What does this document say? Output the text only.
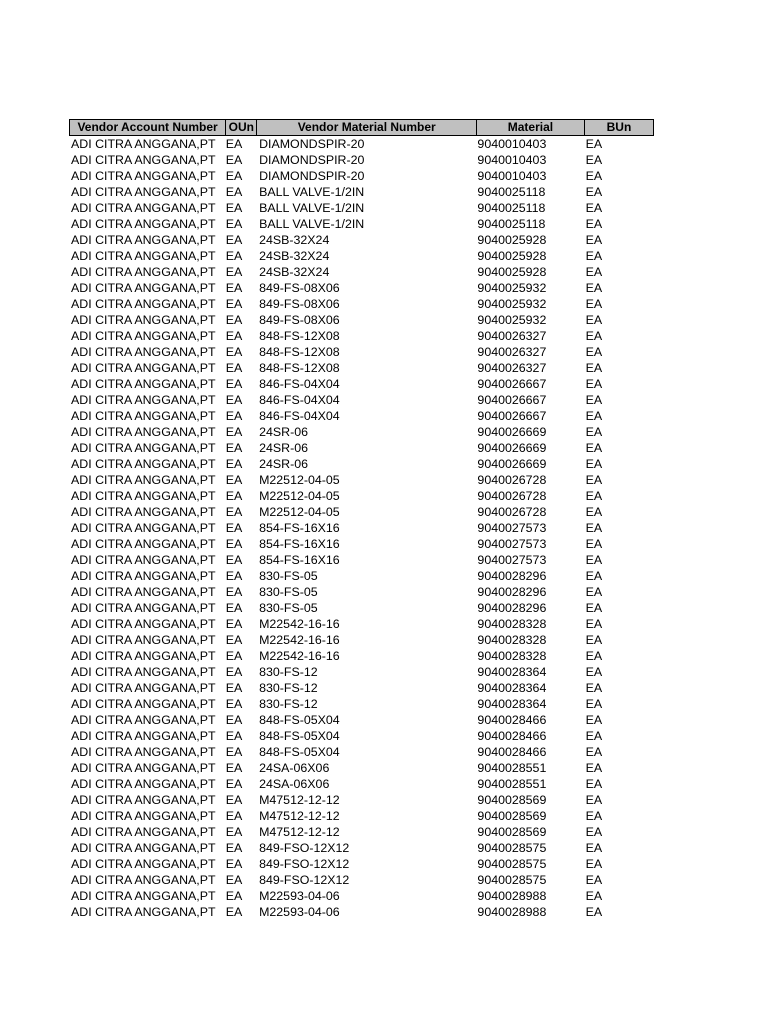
Vendor Account Number OUn	Vendor Material Number	Material	BUn
ADI CITRA ANGGANA,PT EA	DIAMONDSPIR-20	9040010403	EA
ADI CITRA ANGGANA,PT EA	DIAMONDSPIR-20	9040010403	EA
ADI CITRA ANGGANA,PT EA	DIAMONDSPIR-20	9040010403	EA
ADI CITRA ANGGANA,PT EA	BALL VALVE-1/2IN	9040025118	EA
ADI CITRA ANGGANA,PT EA	BALL VALVE-1/2IN	9040025118	EA
ADI CITRA ANGGANA,PT EA	BALL VALVE-1/2IN	9040025118	EA
ADI CITRA ANGGANA,PT EA	24SB-32X24	9040025928	EA
ADI CITRA ANGGANA,PT EA	24SB-32X24	9040025928	EA
ADI CITRA ANGGANA,PT EA	24SB-32X24	9040025928	EA
ADI CITRA ANGGANA,PT EA	849-FS-08X06	9040025932	EA
ADI CITRA ANGGANA,PT EA	849-FS-08X06	9040025932	EA
ADI CITRA ANGGANA,PT EA	849-FS-08X06	9040025932	EA
ADI CITRA ANGGANA,PT EA	848-FS-12X08	9040026327	EA
ADI CITRA ANGGANA,PT EA	848-FS-12X08	9040026327	EA
ADI CITRA ANGGANA,PT EA	848-FS-12X08	9040026327	EA
ADI CITRA ANGGANA,PT EA	846-FS-04X04	9040026667	EA
ADI CITRA ANGGANA,PT EA	846-FS-04X04	9040026667	EA
ADI CITRA ANGGANA,PT EA	846-FS-04X04	9040026667	EA
ADI CITRA ANGGANA,PT EA	24SR-06	9040026669	EA
ADI CITRA ANGGANA,PT EA	24SR-06	9040026669	EA
ADI CITRA ANGGANA,PT EA	24SR-06	9040026669	EA
ADI CITRA ANGGANA,PT EA	M22512-04-05	9040026728	EA
ADI CITRA ANGGANA,PT EA	M22512-04-05	9040026728	EA
ADI CITRA ANGGANA,PT EA	M22512-04-05	9040026728	EA
ADI CITRA ANGGANA,PT EA	854-FS-16X16	9040027573	EA
ADI CITRA ANGGANA,PT EA	854-FS-16X16	9040027573	EA
ADI CITRA ANGGANA,PT EA	854-FS-16X16	9040027573	EA
ADI CITRA ANGGANA,PT EA	830-FS-05	9040028296	EA
ADI CITRA ANGGANA,PT EA	830-FS-05	9040028296	EA
ADI CITRA ANGGANA,PT EA	830-FS-05	9040028296	EA
ADI CITRA ANGGANA,PT EA	M22542-16-16	9040028328	EA
ADI CITRA ANGGANA,PT EA	M22542-16-16	9040028328	EA
ADI CITRA ANGGANA,PT EA	M22542-16-16	9040028328	EA
ADI CITRA ANGGANA,PT EA	830-FS-12	9040028364	EA
ADI CITRA ANGGANA,PT EA	830-FS-12	9040028364	EA
ADI CITRA ANGGANA,PT EA	830-FS-12	9040028364	EA
ADI CITRA ANGGANA,PT EA	848-FS-05X04	9040028466	EA
ADI CITRA ANGGANA,PT EA	848-FS-05X04	9040028466	EA
ADI CITRA ANGGANA,PT EA	848-FS-05X04	9040028466	EA
ADI CITRA ANGGANA,PT EA	24SA-06X06	9040028551	EA
ADI CITRA ANGGANA,PT EA	24SA-06X06	9040028551	EA
ADI CITRA ANGGANA,PT EA	M47512-12-12	9040028569	EA
ADI CITRA ANGGANA,PT EA	M47512-12-12	9040028569	EA
ADI CITRA ANGGANA,PT EA	M47512-12-12	9040028569	EA
ADI CITRA ANGGANA,PT EA	849-FSO-12X12	9040028575	EA
ADI CITRA ANGGANA,PT EA	849-FSO-12X12	9040028575	EA
ADI CITRA ANGGANA,PT EA	849-FSO-12X12	9040028575	EA
ADI CITRA ANGGANA,PT EA	M22593-04-06	9040028988	EA
ADI CITRA ANGGANA,PT EA	M22593-04-06	9040028988	EA
